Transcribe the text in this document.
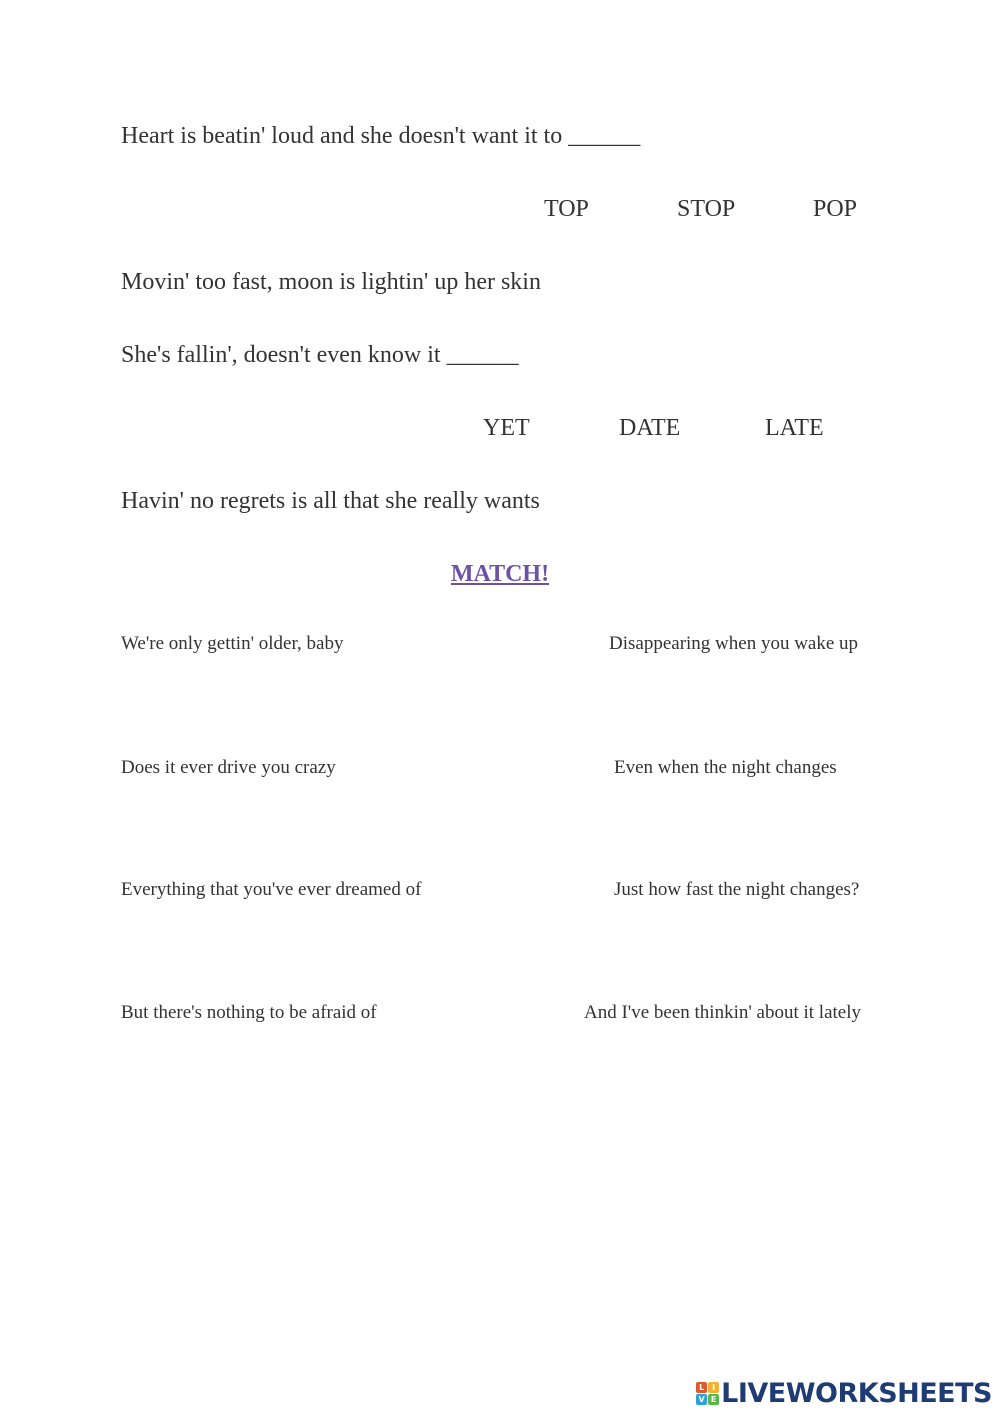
Heart is beatin' loud and she doesn't want it to ______
TOP	STOP	POP
Movin' too fast, moon is lightin' up her skin
She's fallin', doesn't even know it ______
YET	DATE	LATE
Havin' no regrets is all that she really wants
MATCH!
We're only gettin' older, baby	Disappearing when you wake up
Does it ever drive you crazy	Even when the night changes
Everything that you've ever dreamed of	Just how fast the night changes?
But there's nothing to be afraid of	And I've been thinkin' about it lately
L I
V E LIVEWORKSHEETS
